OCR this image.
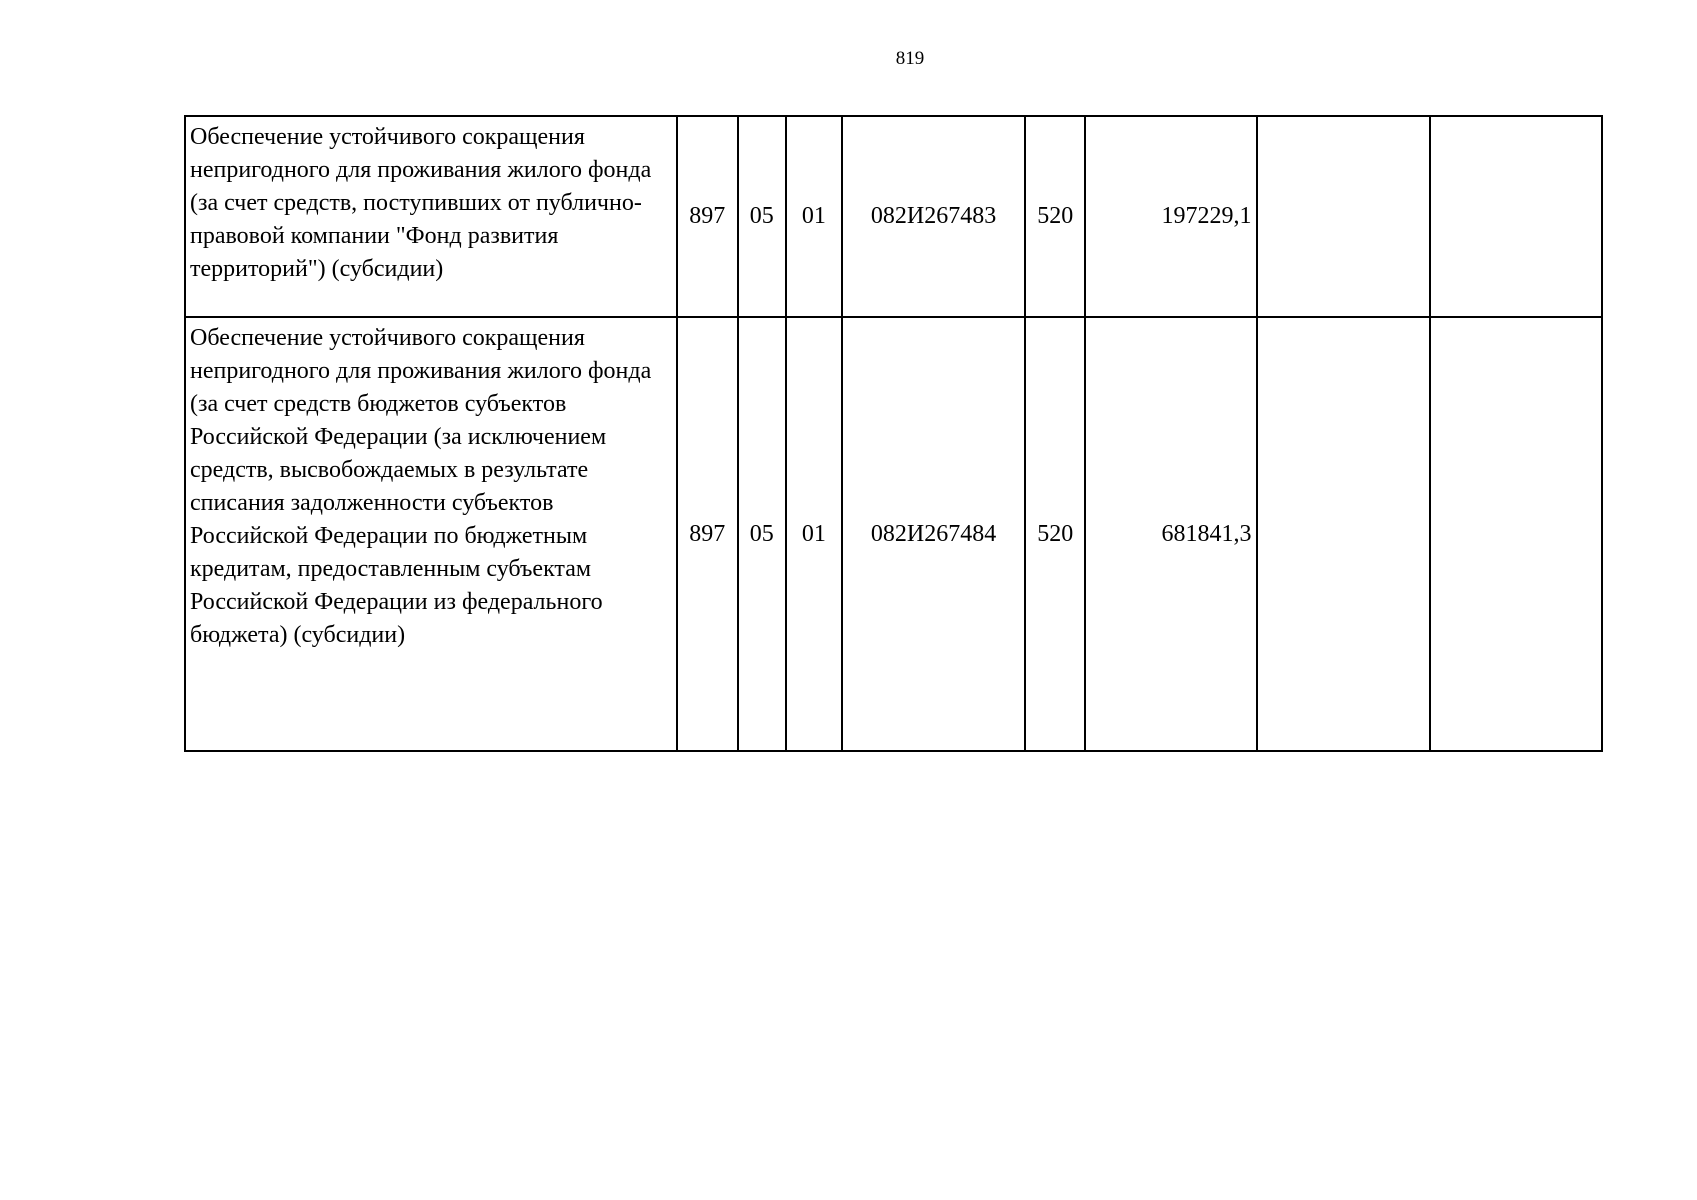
819
Обеспечение устойчивого сокращения непригодного для проживания жилого фонда (за счет средств, поступивших от публично-правовой компании "Фонд развития территорий") (субсидии)	897	05	01	082И267483	520	197229,1		
Обеспечение устойчивого сокращения непригодного для проживания жилого фонда (за счет средств бюджетов субъектов Российской Федерации (за исключением средств, высвобождаемых в результате списания задолженности субъектов Российской Федерации по бюджетным кредитам, предоставленным субъектам Российской Федерации из федерального бюджета) (субсидии)	897	05	01	082И267484	520	681841,3		
